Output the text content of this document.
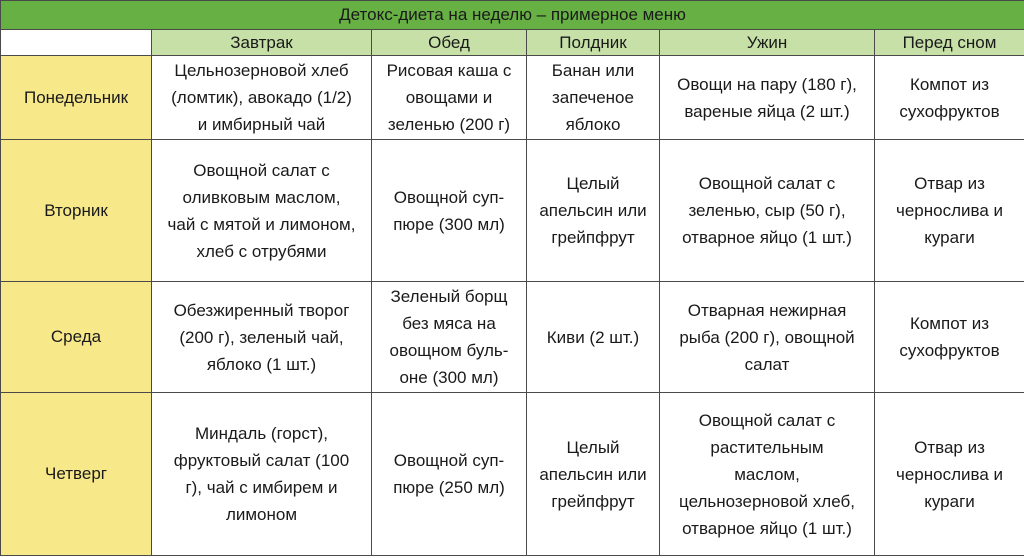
Детокс-диета на неделю – примерное меню					
	Завтрак	Обед	Полдник	Ужин	Перед сном
Понедельник	Цельнозерновой хлеб
(ломтик), авокадо (1/2)
и имбирный чай	Рисовая каша с
овощами и
зеленью (200 г)	Банан или
запеченое
яблоко	Овощи на пару (180 г),
вареные яйца (2 шт.)	Компот из
сухофруктов
Вторник	Овощной салат с
оливковым маслом,
чай с мятой и лимоном,
хлеб с отрубями	Овощной суп-
пюре (300 мл)	Целый
апельсин или
грейпфрут	Овощной салат с
зеленью, сыр (50 г),
отварное яйцо (1 шт.)	Отвар из
чернослива и
кураги
Среда	Обезжиренный творог
(200 г), зеленый чай,
яблоко (1 шт.)	Зеленый борщ
без мяса на
овощном буль-
оне (300 мл)	Киви (2 шт.)	Отварная нежирная
рыба (200 г), овощной
салат	Компот из
сухофруктов
Четверг	Миндаль (горст),
фруктовый салат (100
г), чай с имбирем и
лимоном	Овощной суп-
пюре (250 мл)	Целый
апельсин или
грейпфрут	Овощной салат с
растительным
маслом,
цельнозерновой хлеб,
отварное яйцо (1 шт.)	Отвар из
чернослива и
кураги
